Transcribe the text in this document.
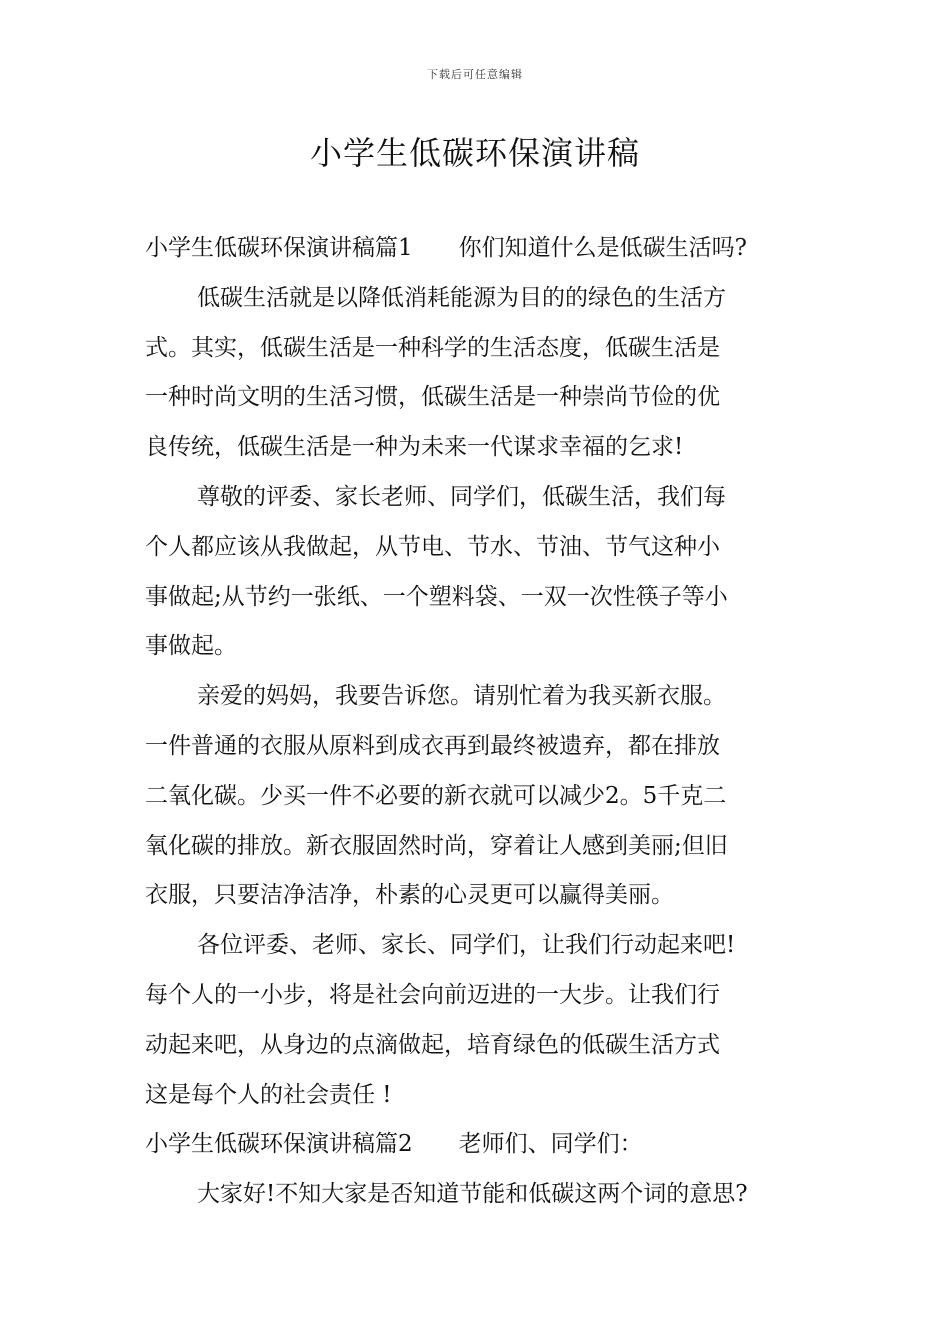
下载后可任意编辑
小学生低碳环保演讲稿
小学生低碳环保演讲稿篇1 你们知道什么是低碳生活吗?
低碳生活就是以降低消耗能源为目的的绿色的生活方
式。其实，低碳生活是一种科学的生活态度，低碳生活是
一种时尚文明的生活习惯，低碳生活是一种崇尚节俭的优
良传统，低碳生活是一种为未来一代谋求幸福的乞求!
尊敬的评委、家长老师、同学们，低碳生活，我们每
个人都应该从我做起，从节电、节水、节油、节气这种小
事做起;从节约一张纸、一个塑料袋、一双一次性筷子等小
事做起。
亲爱的妈妈，我要告诉您。请别忙着为我买新衣服。
一件普通的衣服从原料到成衣再到最终被遗弃，都在排放
二氧化碳。少买一件不必要的新衣就可以减少2。5千克二
氧化碳的排放。新衣服固然时尚，穿着让人感到美丽;但旧
衣服，只要洁净洁净，朴素的心灵更可以赢得美丽。
各位评委、老师、家长、同学们，让我们行动起来吧!
每个人的一小步，将是社会向前迈进的一大步。让我们行
动起来吧，从身边的点滴做起，培育绿色的低碳生活方式
这是每个人的社会责任 !
小学生低碳环保演讲稿篇2 老师们、同学们：
大家好!不知大家是否知道节能和低碳这两个词的意思?
